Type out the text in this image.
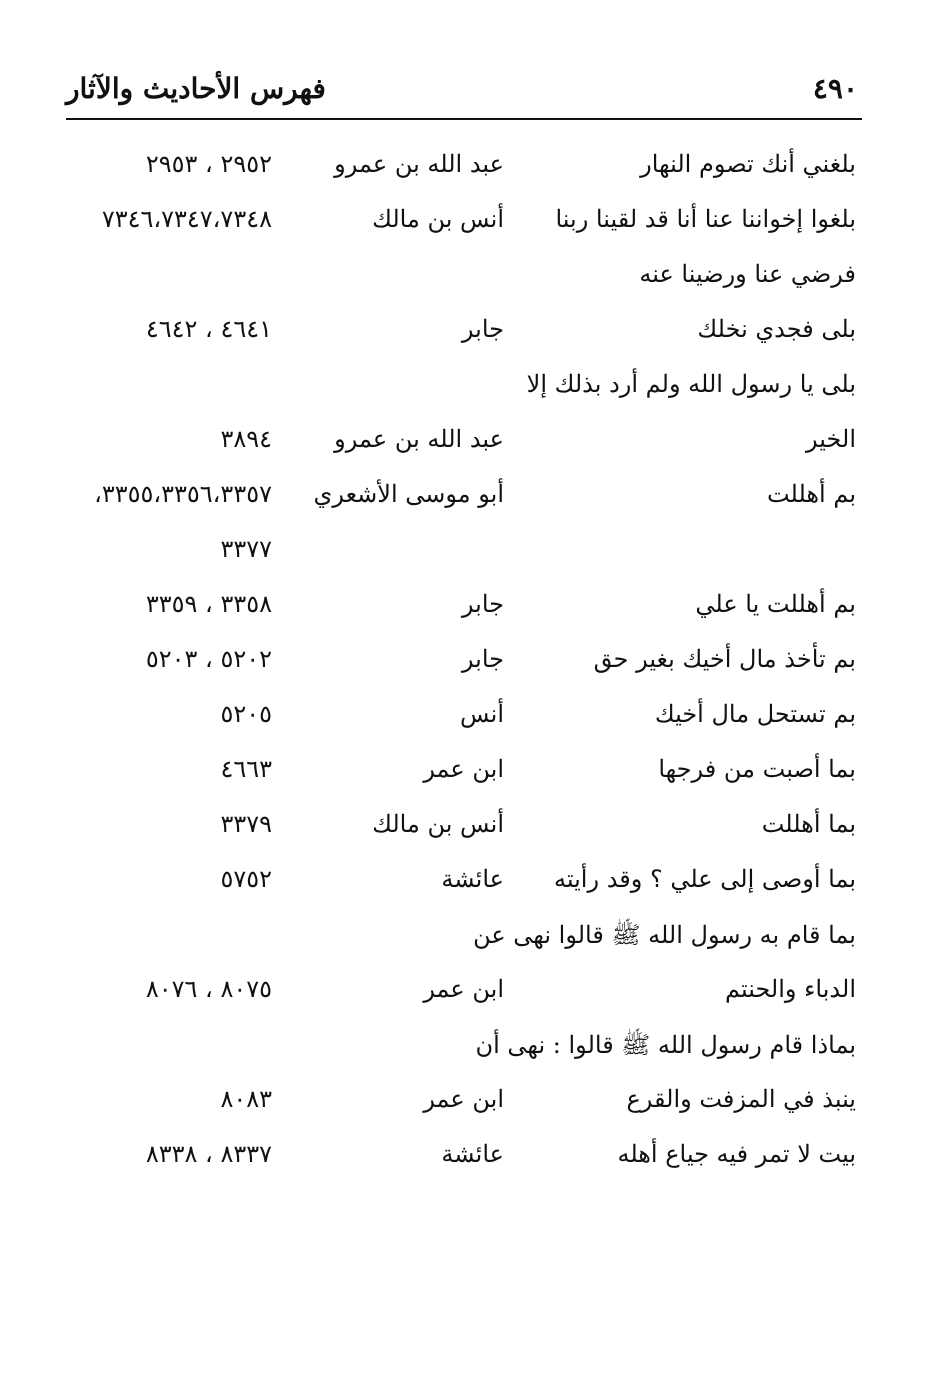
٤٩٠
فهرس الأحاديث والآثار
بلغني أنك تصوم النهار
عبد الله بن عمرو
٢٩٥٢ ، ٢٩٥٣
بلغوا إخواننا عنا أنا قد لقينا ربنا
أنس بن مالك
٧٣٤٦،٧٣٤٧،٧٣٤٨
فرضي عنا ورضينا عنه
بلى فجدي نخلك
جابر
٤٦٤١ ، ٤٦٤٢
بلى يا رسول الله ولم أرد بذلك إلا
الخير
عبد الله بن عمرو
٣٨٩٤
بم أهللت
أبو موسى الأشعري
٣٣٥٥،٣٣٥٦،٣٣٥٧،
٣٣٧٧
بم أهللت يا علي
جابر
٣٣٥٨ ، ٣٣٥٩
بم تأخذ مال أخيك بغير حق
جابر
٥٢٠٢ ، ٥٢٠٣
بم تستحل مال أخيك
أنس
٥٢٠٥
بما أصبت من فرجها
ابن عمر
٤٦٦٣
بما أهللت
أنس بن مالك
٣٣٧٩
بما أوصى إلى علي ؟ وقد رأيته
عائشة
٥٧٥٢
بما قام به رسول الله ﷺ قالوا نهى عن
الدباء والحنتم
ابن عمر
٨٠٧٥ ، ٨٠٧٦
بماذا قام رسول الله ﷺ قالوا : نهى أن
ينبذ في المزفت والقرع
ابن عمر
٨٠٨٣
بيت لا تمر فيه جياع أهله
عائشة
٨٣٣٧ ، ٨٣٣٨
